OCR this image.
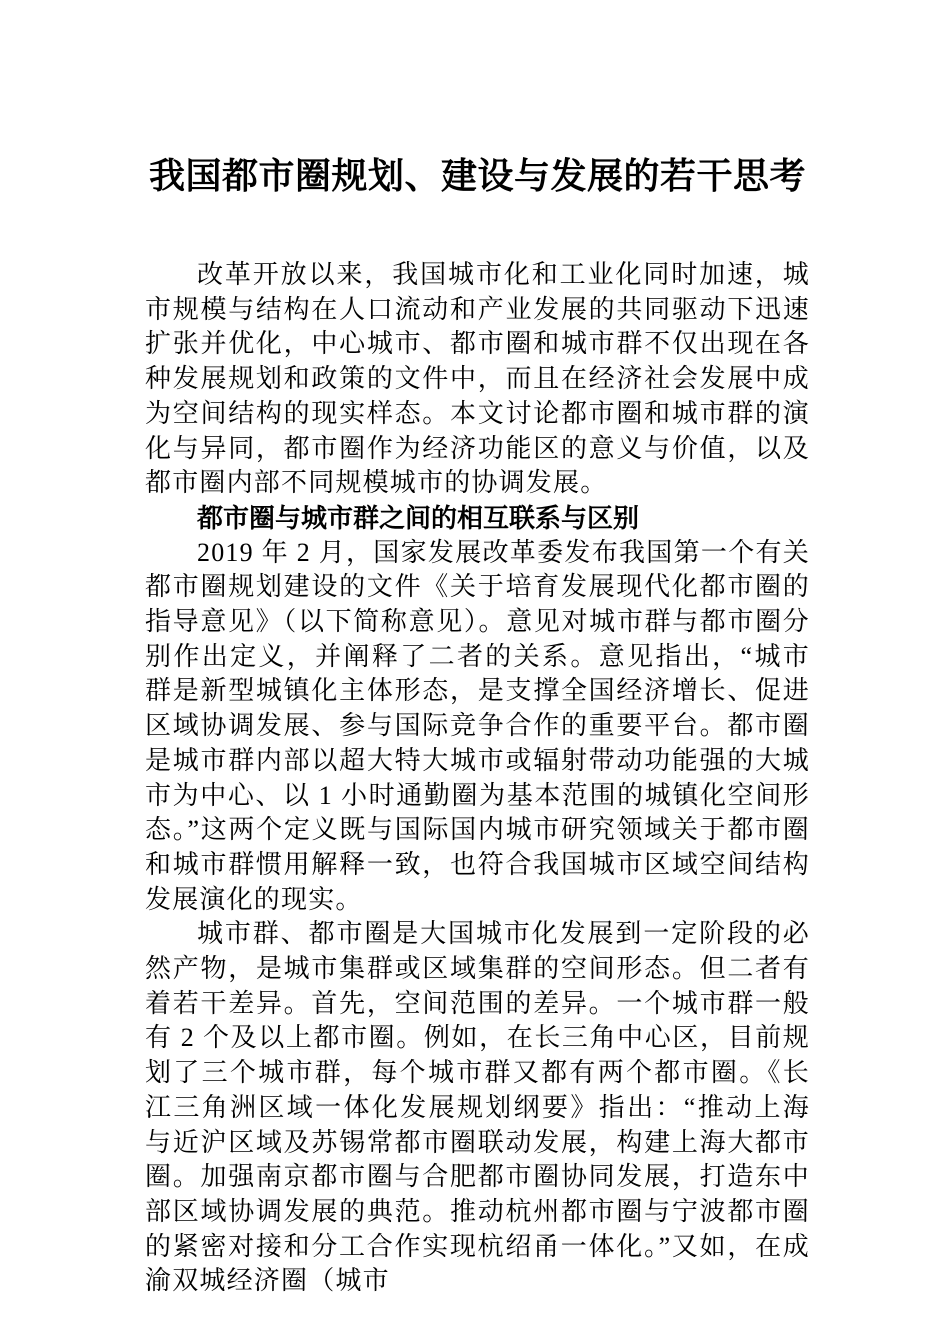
我国都市圈规划、建设与发展的若干思考

改革开放以来，我国城市化和工业化同时加速，城市规模与结构在人口流动和产业发展的共同驱动下迅速扩张并优化，中心城市、都市圈和城市群不仅出现在各种发展规划和政策的文件中，而且在经济社会发展中成为空间结构的现实样态。本文讨论都市圈和城市群的演化与异同，都市圈作为经济功能区的意义与价值，以及都市圈内部不同规模城市的协调发展。

都市圈与城市群之间的相互联系与区别

2019 年 2 月，国家发展改革委发布我国第一个有关都市圈规划建设的文件《关于培育发展现代化都市圈的指导意见》（以下简称意见）。意见对城市群与都市圈分别作出定义，并阐释了二者的关系。意见指出，“城市群是新型城镇化主体形态，是支撑全国经济增长、促进区域协调发展、参与国际竞争合作的重要平台。都市圈是城市群内部以超大特大城市或辐射带动功能强的大城市为中心、以 1 小时通勤圈为基本范围的城镇化空间形态。”这两个定义既与国际国内城市研究领域关于都市圈和城市群惯用解释一致，也符合我国城市区域空间结构发展演化的现实。

城市群、都市圈是大国城市化发展到一定阶段的必然产物，是城市集群或区域集群的空间形态。但二者有着若干差异。首先，空间范围的差异。一个城市群一般有 2 个及以上都市圈。例如，在长三角中心区，目前规划了三个城市群，每个城市群又都有两个都市圈。《长江三角洲区域一体化发展规划纲要》指出：“推动上海与近沪区域及苏锡常都市圈联动发展，构建上海大都市圈。加强南京都市圈与合肥都市圈协同发展，打造东中部区域协调发展的典范。推动杭州都市圈与宁波都市圈的紧密对接和分工合作实现杭绍甬一体化。”又如，在成渝双城经济圈（城市
